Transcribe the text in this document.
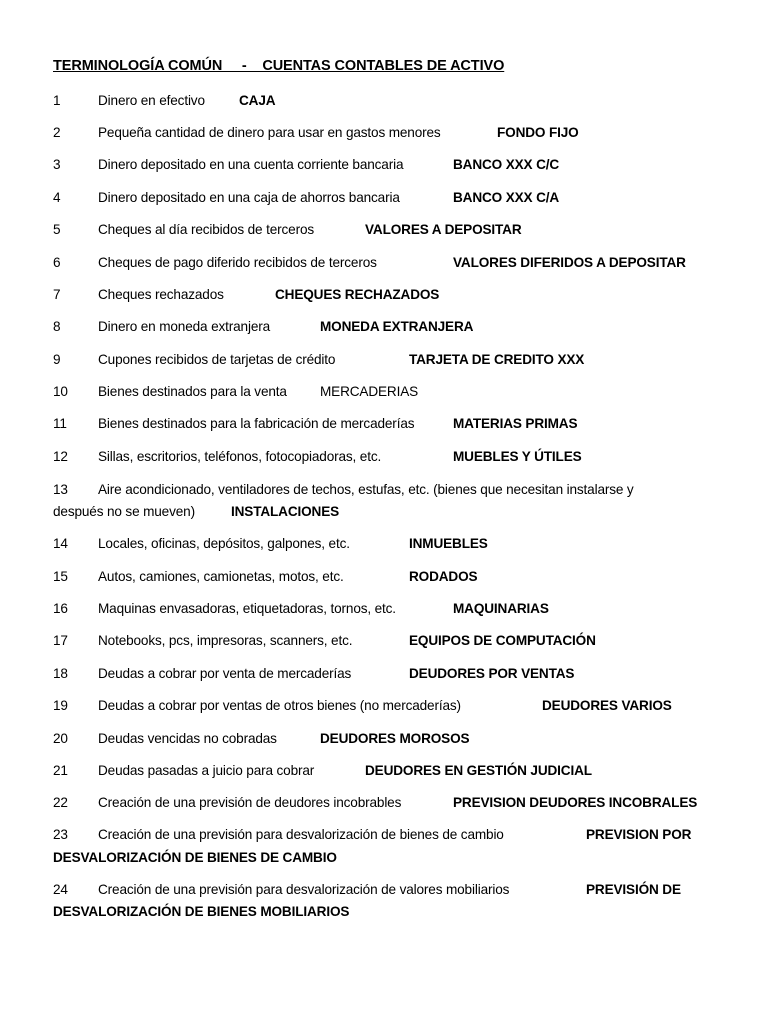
TERMINOLOGÍA COMÚN     -    CUENTAS CONTABLES DE ACTIVO
1	Dinero en efectivo	CAJA
2	Pequeña cantidad de dinero para usar en gastos menores	FONDO FIJO
3	Dinero depositado en una cuenta corriente bancaria	BANCO XXX C/C
4	Dinero depositado en una caja de ahorros bancaria	BANCO XXX C/A
5	Cheques al día recibidos de terceros	VALORES A DEPOSITAR
6	Cheques de pago diferido recibidos de terceros	VALORES DIFERIDOS A DEPOSITAR
7	Cheques rechazados	CHEQUES RECHAZADOS
8	Dinero en moneda extranjera	MONEDA EXTRANJERA
9	Cupones recibidos de tarjetas de crédito	TARJETA DE CREDITO XXX
10 Bienes destinados para la venta MERCADERIAS
11 Bienes destinados para la fabricación de mercaderías	MATERIAS PRIMAS
12 Sillas, escritorios, teléfonos, fotocopiadoras, etc.	MUEBLES Y ÚTILES
13 Aire acondicionado, ventiladores de techos, estufas, etc. (bienes que necesitan instalarse y
después no se mueven)	INSTALACIONES
14 Locales, oficinas, depósitos, galpones, etc.	INMUEBLES
15 Autos, camiones, camionetas, motos, etc.	RODADOS
16 Maquinas envasadoras, etiquetadoras, tornos, etc.	MAQUINARIAS
17 Notebooks, pcs, impresoras, scanners, etc.	EQUIPOS DE COMPUTACIÓN
18 Deudas a cobrar por venta de mercaderías	DEUDORES POR VENTAS
19 Deudas a cobrar por ventas de otros bienes (no mercaderías)	DEUDORES VARIOS
20 Deudas vencidas no cobradas	DEUDORES MOROSOS
21 Deudas pasadas a juicio para cobrar	DEUDORES EN GESTIÓN JUDICIAL
22 Creación de una previsión de deudores incobrables	PREVISION DEUDORES INCOBRALES
23 Creación de una previsión para desvalorización de bienes de cambio	PREVISION POR
DESVALORIZACIÓN DE BIENES DE CAMBIO
24 Creación de una previsión para desvalorización de valores mobiliarios	PREVISIÓN DE
DESVALORIZACIÓN DE BIENES MOBILIARIOS
